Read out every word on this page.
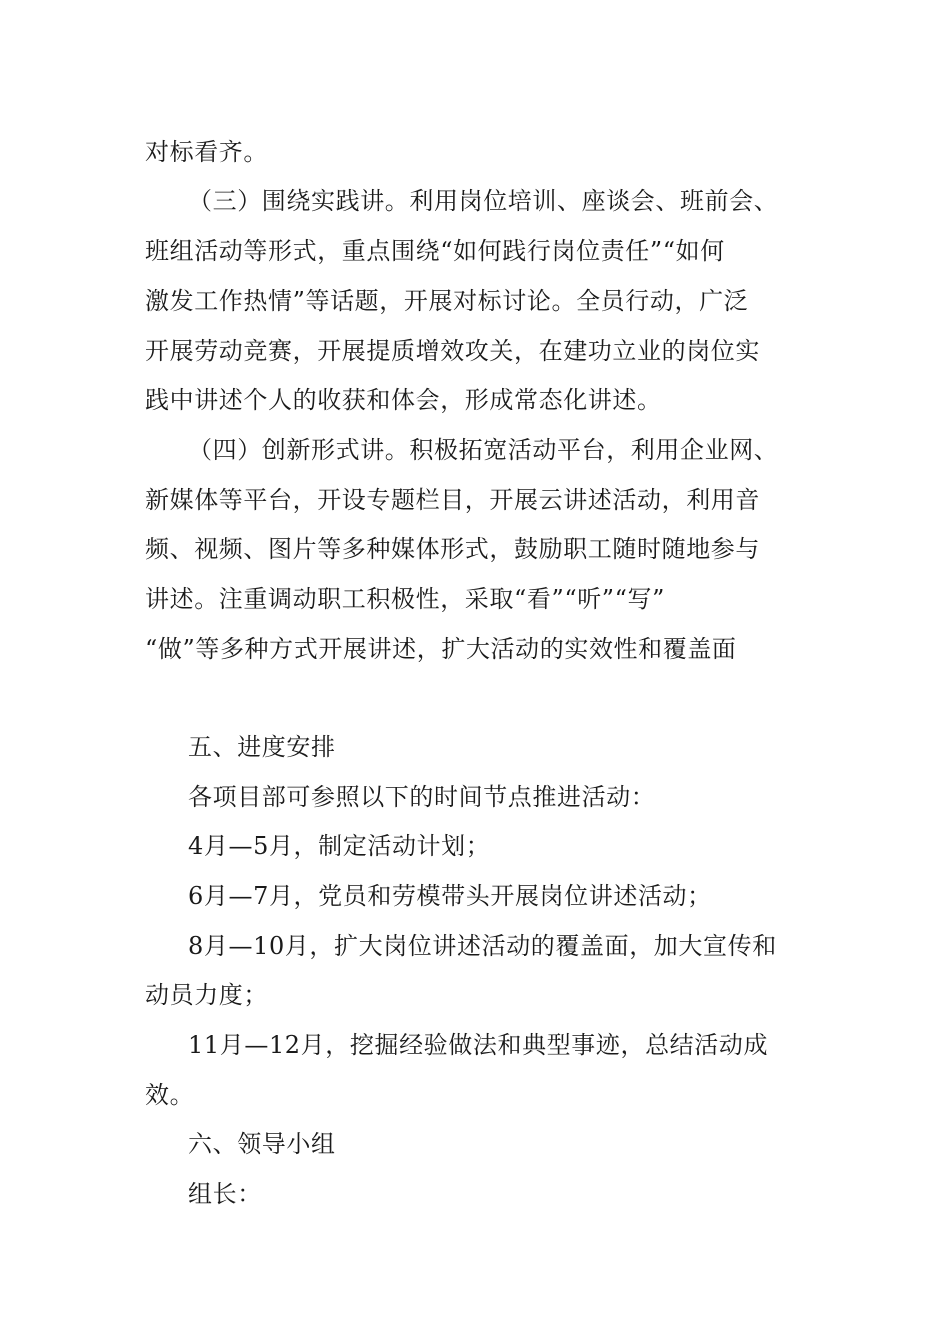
对标看齐。
（三）围绕实践讲。利用岗位培训、座谈会、班前会、
班组活动等形式，重点围绕“如何践行岗位责任”“如何
激发工作热情”等话题，开展对标讨论。全员行动，广泛
开展劳动竞赛，开展提质增效攻关，在建功立业的岗位实
践中讲述个人的收获和体会，形成常态化讲述。
（四）创新形式讲。积极拓宽活动平台，利用企业网、
新媒体等平台，开设专题栏目，开展云讲述活动，利用音
频、视频、图片等多种媒体形式，鼓励职工随时随地参与
讲述。注重调动职工积极性，采取“看”“听”“写”
“做”等多种方式开展讲述，扩大活动的实效性和覆盖面
五、进度安排
各项目部可参照以下的时间节点推进活动：
4月—5月，制定活动计划；
6月—7月，党员和劳模带头开展岗位讲述活动；
8月—10月，扩大岗位讲述活动的覆盖面，加大宣传和
动员力度；
11月—12月，挖掘经验做法和典型事迹，总结活动成
效。
六、领导小组
组长：
